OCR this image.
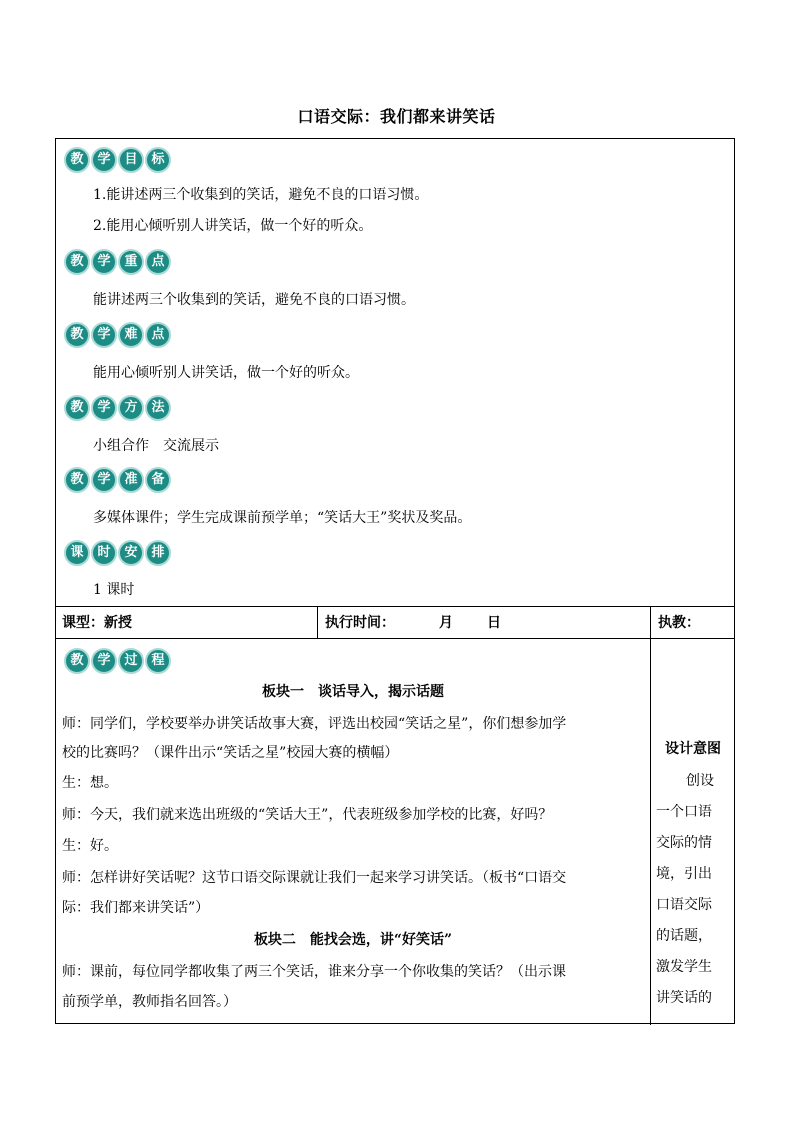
口语交际：我们都来讲笑话
教	学	目	标
1.能讲述两三个收集到的笑话，避免不良的口语习惯。
2.能用心倾听别人讲笑话，做一个好的听众。
教	学	重	点
能讲述两三个收集到的笑话，避免不良的口语习惯。
教	学	难	点
能用心倾听别人讲笑话，做一个好的听众。
教	学	方	法
小组合作　交流展示
教	学	准	备
多媒体课件；学生完成课前预学单；“笑话大王”奖状及奖品。
课	时	安	排
1 课时
课型：新授	执行时间：	月 日	执教：
教	学	过	程
板块一　谈话导入，揭示话题
师：同学们，学校要举办讲笑话故事大赛，评选出校园“笑话之星”，你们想参加学
校的比赛吗？（课件出示“笑话之星”校园大赛的横幅）
生：想。
师：今天，我们就来选出班级的“笑话大王”，代表班级参加学校的比赛，好吗？
生：好。
师：怎样讲好笑话呢？这节口语交际课就让我们一起来学习讲笑话。（板书“口语交
际：我们都来讲笑话”）
板块二　能找会选，讲“好笑话”
师：课前，每位同学都收集了两三个笑话，谁来分享一个你收集的笑话？（出示课
前预学单，教师指名回答。）
设计意图
创设
一个口语
交际的情
境，引出
口语交际
的话题，
激发学生
讲笑话的
